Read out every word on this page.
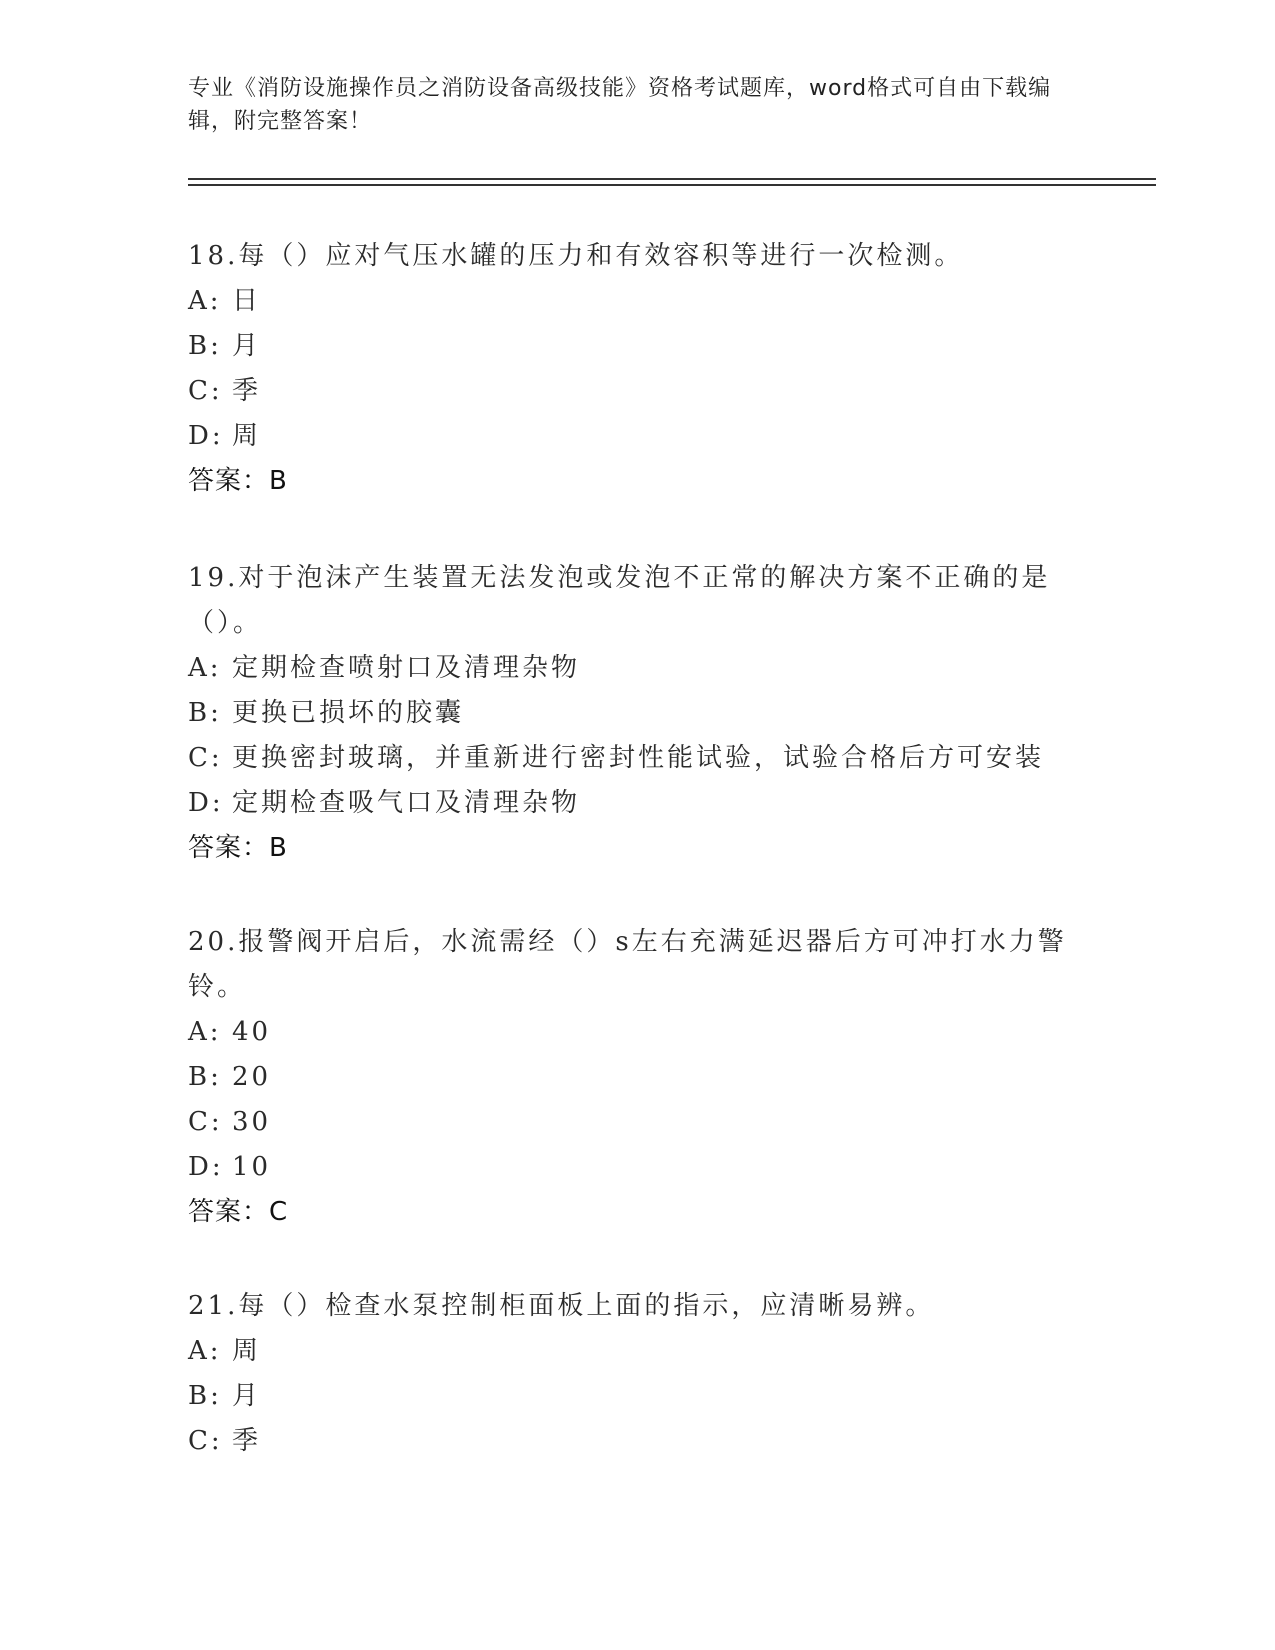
专业《消防设施操作员之消防设备高级技能》资格考试题库，word格式可自由下载编辑，附完整答案！

18.每（）应对气压水罐的压力和有效容积等进行一次检测。

A: 日

B: 月

C: 季

D: 周

答案：B

19.对于泡沫产生装置无法发泡或发泡不正常的解决方案不正确的是（）。

A: 定期检查喷射口及清理杂物

B: 更换已损坏的胶囊

C: 更换密封玻璃，并重新进行密封性能试验，试验合格后方可安装

D: 定期检查吸气口及清理杂物

答案：B

20.报警阀开启后，水流需经（）s左右充满延迟器后方可冲打水力警铃。

A: 40

B: 20

C: 30

D: 10

答案：C

21.每（）检查水泵控制柜面板上面的指示，应清晰易辨。

A: 周

B: 月

C: 季
